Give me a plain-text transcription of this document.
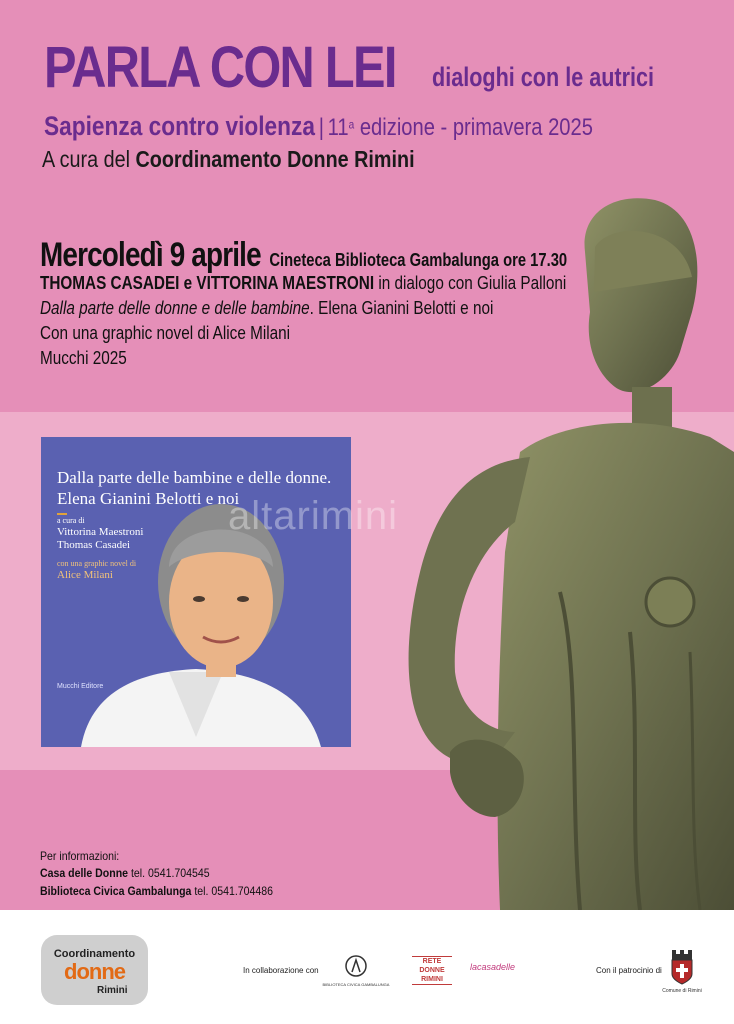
PARLA CON LEI dialoghi con le autrici
Sapienza contro violenza | 11$^a$ edizione - primavera 2025
A cura del Coordinamento Donne Rimini
Mercoledì 9 aprile Cineteca Biblioteca Gambalunga ore 17.30
THOMAS CASADEI e VITTORINA MAESTRONI in dialogo con Giulia Palloni
Dalla parte delle donne e delle bambine. Elena Gianini Belotti e noi
Con una graphic novel di Alice Milani
Mucchi 2025
Dalla parte delle bambine e delle donne.
Elena Gianini Belotti e noi
a cura di
Vittorina Maestroni
Thomas Casadei
con una graphic novel di
Alice Milani
Mucchi Editore
altarimini
Per informazioni:
Casa delle Donne tel. 0541.704545
Biblioteca Civica Gambalunga tel. 0541.704486
Coordinamento
donne
Rimini
In collaborazione con
BIBLIOTECA CIVICA GAMBALUNGA
RETE
DONNE
RIMINI
lacasadelle	Con il patrocinio di
Comune di Rimini
